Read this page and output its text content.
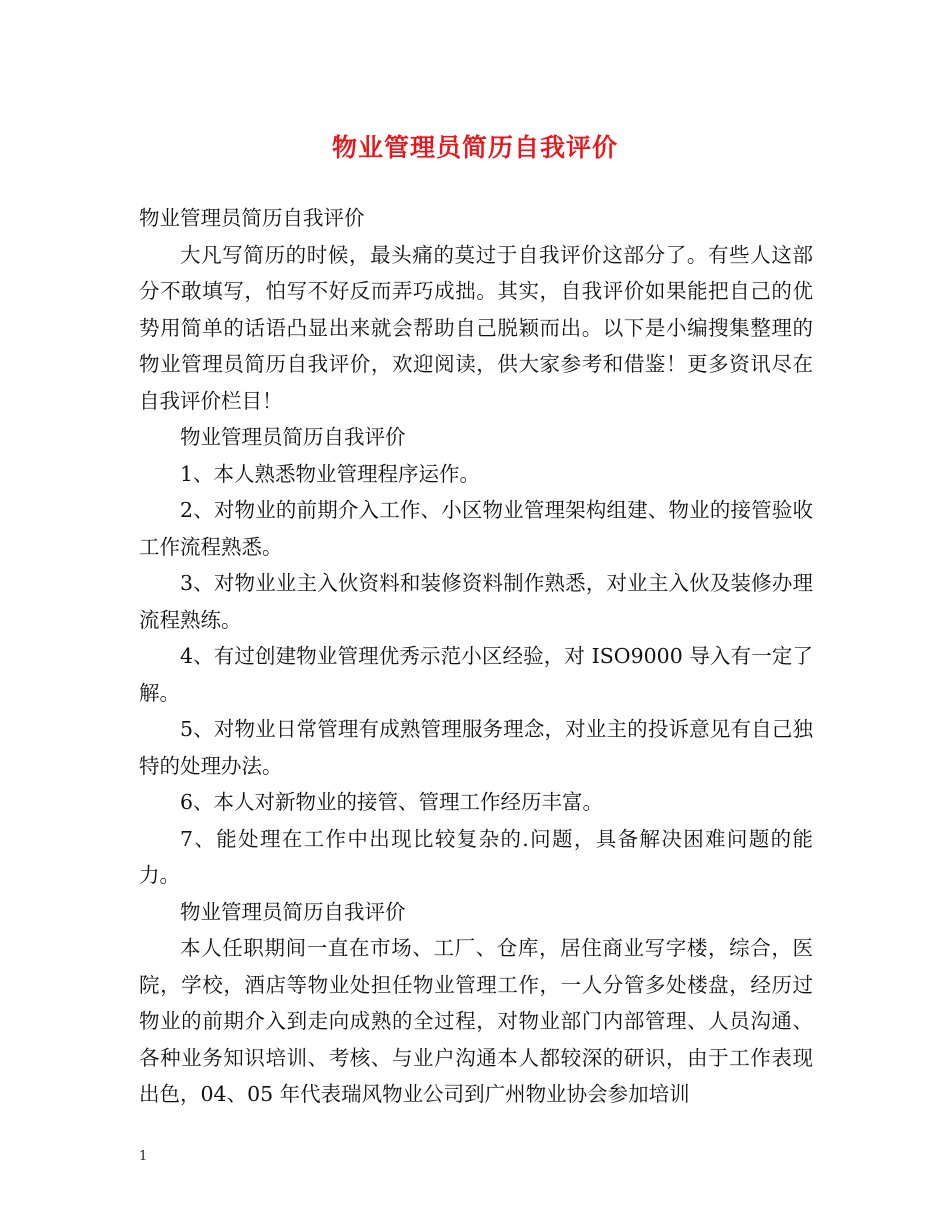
物业管理员简历自我评价

物业管理员简历自我评价

大凡写简历的时候，最头痛的莫过于自我评价这部分了。有些人这部分不敢填写，怕写不好反而弄巧成拙。其实，自我评价如果能把自己的优势用简单的话语凸显出来就会帮助自己脱颖而出。以下是小编搜集整理的物业管理员简历自我评价，欢迎阅读，供大家参考和借鉴！更多资讯尽在自我评价栏目！

物业管理员简历自我评价

1、本人熟悉物业管理程序运作。

2、对物业的前期介入工作、小区物业管理架构组建、物业的接管验收工作流程熟悉。

3、对物业业主入伙资料和装修资料制作熟悉，对业主入伙及装修办理流程熟练。

4、有过创建物业管理优秀示范小区经验，对 ISO9000 导入有一定了解。

5、对物业日常管理有成熟管理服务理念，对业主的投诉意见有自己独特的处理办法。

6、本人对新物业的接管、管理工作经历丰富。

7、能处理在工作中出现比较复杂的.问题，具备解决困难问题的能力。

物业管理员简历自我评价

本人任职期间一直在市场、工厂、仓库，居住商业写字楼，综合，医院，学校，酒店等物业处担任物业管理工作，一人分管多处楼盘，经历过物业的前期介入到走向成熟的全过程，对物业部门内部管理、人员沟通、各种业务知识培训、考核、与业户沟通本人都较深的研识，由于工作表现出色，04、05 年代表瑞风物业公司到广州物业协会参加培训

1
